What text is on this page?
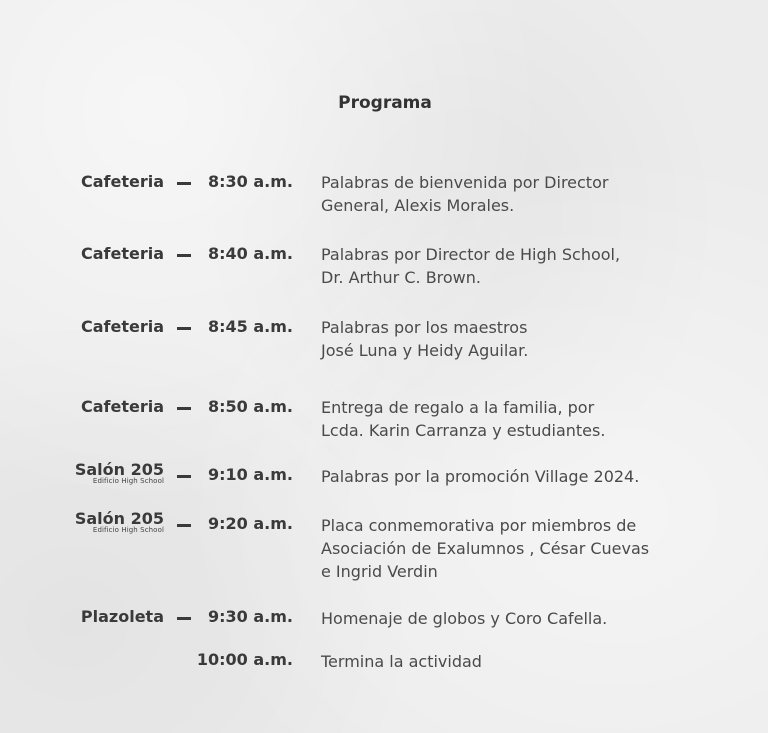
Programa
Cafeteria	8:30 a.m. Palabras de bienvenida por Director
General, Alexis Morales.
Cafeteria	8:40 a.m. Palabras por Director de High School,
Dr. Arthur C. Brown.
Cafeteria	8:45 a.m. Palabras por los maestros
José Luna y Heidy Aguilar.
Cafeteria	8:50 a.m. Entrega de regalo a la familia, por
Lcda. Karin Carranza y estudiantes.
Salón 205
Edificio High School	9:10 a.m. Palabras por la promoción Village 2024.
Salón 205
Edificio High School	9:20 a.m. Placa conmemorativa por miembros de
Asociación de Exalumnos , César Cuevas
e Ingrid Verdin
Plazoleta	9:30 a.m. Homenaje de globos y Coro Cafella.
10:00 a.m. Termina la actividad
